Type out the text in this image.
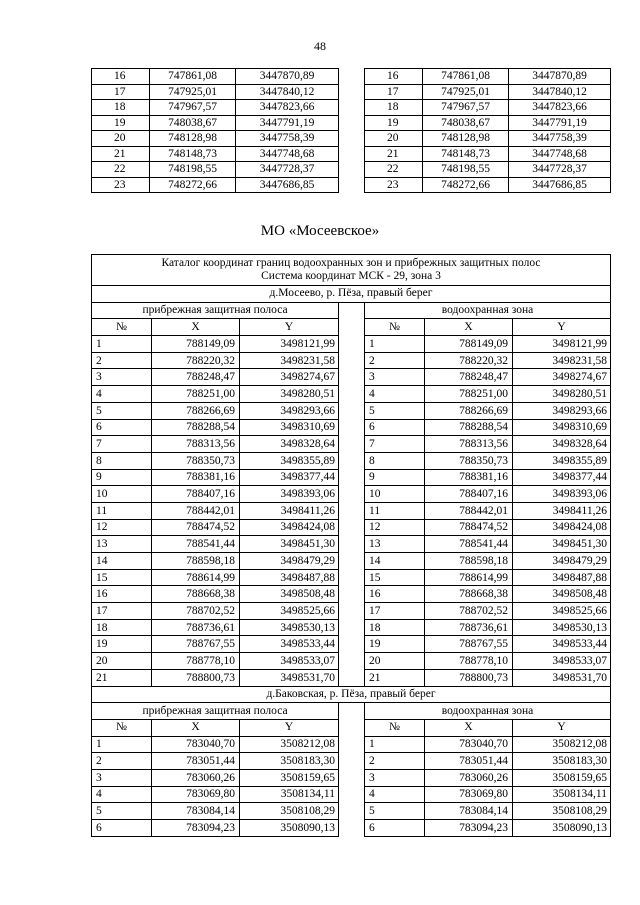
48
16	747861,08	3447870,89		16	747861,08	3447870,89
17	747925,01	3447840,12		17	747925,01	3447840,12
18	747967,57	3447823,66		18	747967,57	3447823,66
19	748038,67	3447791,19		19	748038,67	3447791,19
20	748128,98	3447758,39		20	748128,98	3447758,39
21	748148,73	3447748,68		21	748148,73	3447748,68
22	748198,55	3447728,37		22	748198,55	3447728,37
23	748272,66	3447686,85		23	748272,66	3447686,85
МО «Мосеевское»
Каталог координат границ водоохранных зон и прибрежных защитных полос
Система координат МСК - 29, зона 3						
д.Мосеево, р. Пёза, правый берег						
прибрежная защитная полоса				водоохранная зона		
№	X	Y		№	X	Y
1	788149,09	3498121,99		1	788149,09	3498121,99
2	788220,32	3498231,58		2	788220,32	3498231,58
3	788248,47	3498274,67		3	788248,47	3498274,67
4	788251,00	3498280,51		4	788251,00	3498280,51
5	788266,69	3498293,66		5	788266,69	3498293,66
6	788288,54	3498310,69		6	788288,54	3498310,69
7	788313,56	3498328,64		7	788313,56	3498328,64
8	788350,73	3498355,89		8	788350,73	3498355,89
9	788381,16	3498377,44		9	788381,16	3498377,44
10	788407,16	3498393,06		10	788407,16	3498393,06
11	788442,01	3498411,26		11	788442,01	3498411,26
12	788474,52	3498424,08		12	788474,52	3498424,08
13	788541,44	3498451,30		13	788541,44	3498451,30
14	788598,18	3498479,29		14	788598,18	3498479,29
15	788614,99	3498487,88		15	788614,99	3498487,88
16	788668,38	3498508,48		16	788668,38	3498508,48
17	788702,52	3498525,66		17	788702,52	3498525,66
18	788736,61	3498530,13		18	788736,61	3498530,13
19	788767,55	3498533,44		19	788767,55	3498533,44
20	788778,10	3498533,07		20	788778,10	3498533,07
21	788800,73	3498531,70		21	788800,73	3498531,70
д.Баковская, р. Пёза, правый берег						
прибрежная защитная полоса				водоохранная зона		
№	X	Y		№	X	Y
1	783040,70	3508212,08		1	783040,70	3508212,08
2	783051,44	3508183,30		2	783051,44	3508183,30
3	783060,26	3508159,65		3	783060,26	3508159,65
4	783069,80	3508134,11		4	783069,80	3508134,11
5	783084,14	3508108,29		5	783084,14	3508108,29
6	783094,23	3508090,13		6	783094,23	3508090,13
